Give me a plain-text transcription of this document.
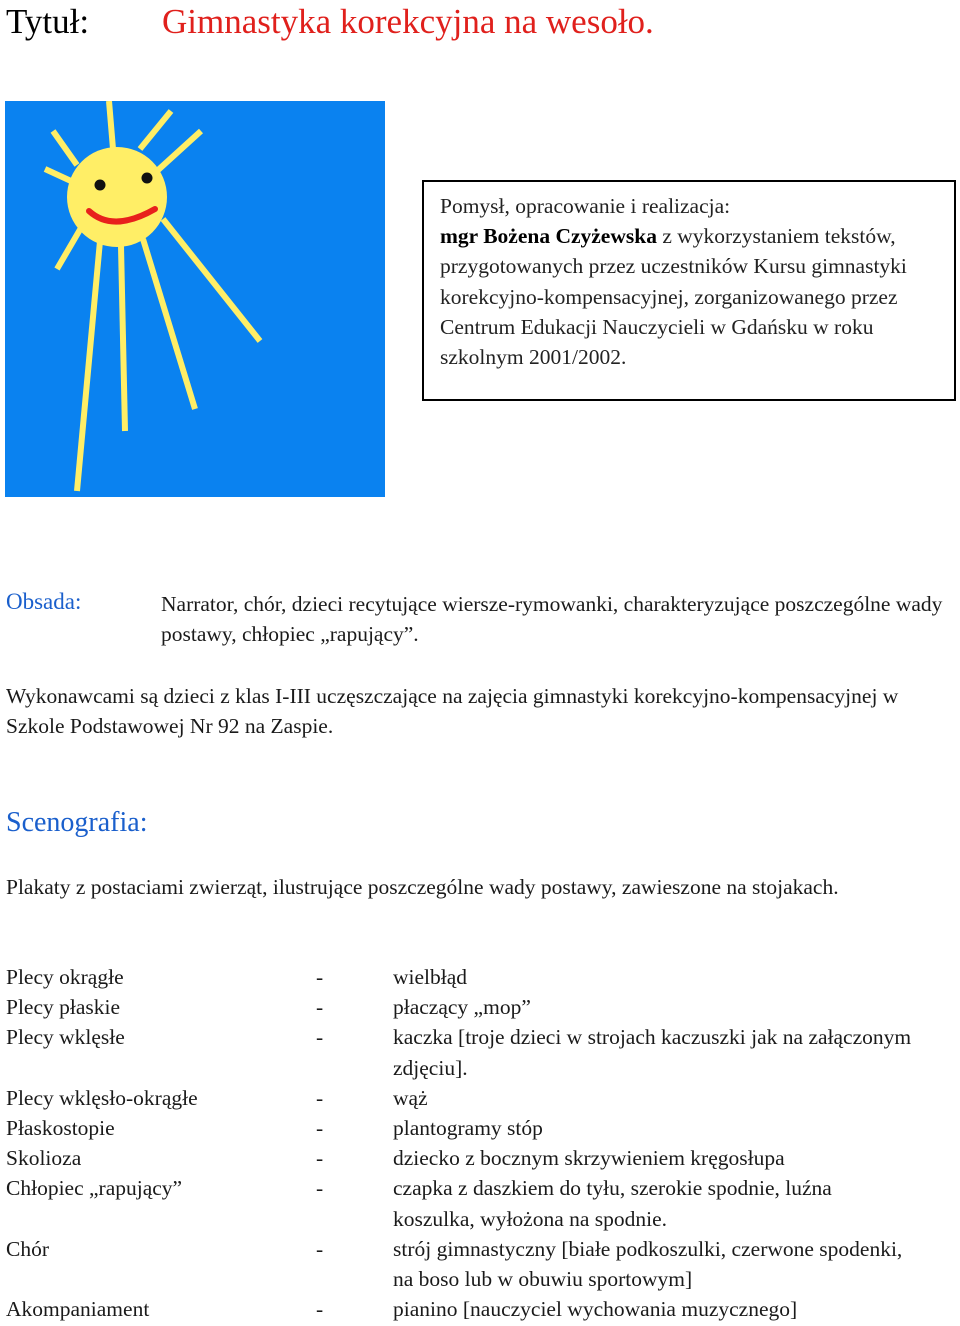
Tytuł: Gimnastyka korekcyjna na wesoło.
Pomysł, opracowanie i realizacja:
mgr Bożena Czyżewska z wykorzystaniem tekstów, przygotowanych przez uczestników Kursu gimnastyki korekcyjno-kompensacyjnej, zorganizowanego przez Centrum Edukacji Nauczycieli w Gdańsku w roku szkolnym 2001/2002.
Obsada:	Narrator, chór, dzieci recytujące wiersze-rymowanki, charakteryzujące poszczególne wady postawy, chłopiec „rapujący”.
Wykonawcami są dzieci z klas I-III uczęszczające na zajęcia gimnastyki korekcyjno-kompensacyjnej w Szkole Podstawowej Nr 92 na Zaspie.
Scenografia:
Plakaty z postaciami zwierząt, ilustrujące poszczególne wady postawy, zawieszone na stojakach.
Plecy okrągłe	-	wielbłąd
Plecy płaskie	-	płaczący „mop”
Plecy wklęsłe	-	kaczka [troje dzieci w strojach kaczuszki jak na załączonym zdjęciu].
Plecy wklęsło-okrągłe	-	wąż
Płaskostopie	-	plantogramy stóp
Skolioza	-	dziecko z bocznym skrzywieniem kręgosłupa
Chłopiec „rapujący”	-	czapka z daszkiem do tyłu, szerokie spodnie, luźna koszulka, wyłożona na spodnie.
Chór	-	strój gimnastyczny [białe podkoszulki, czerwone spodenki, na boso lub w obuwiu sportowym]
Akompaniament	-	pianino [nauczyciel wychowania muzycznego]
